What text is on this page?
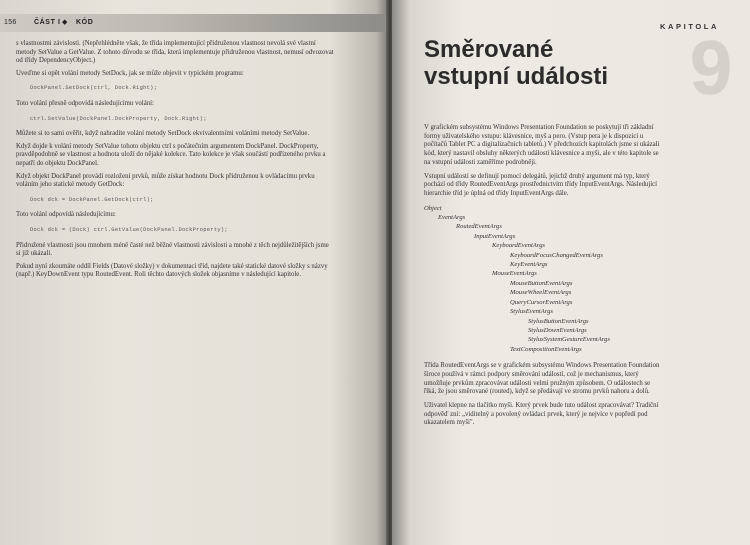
156 ČÁST I ◆ KÓD

s vlastnostmi závislosti. (Nepřehlédněte však, že třída implementující přidruženou vlastnost nevolá své vlastní metody SetValue a GetValue. Z tohoto důvodu se třída, která implementuje přidruženou vlastnost, nemusí odvozovat od třídy DependencyObject.)

Uveďme si opět volání metody SetDock, jak se může objevit v typickém programu:

DockPanel.SetDock(ctrl, Dock.Right);

Toto volání přesně odpovídá následujícímu volání:

ctrl.SetValue(DockPanel.DockProperty, Dock.Right);

Můžete si to sami ověřit, když nahradíte volání metody SetDock ekvivalentními voláními metody SetValue.

Když dojde k volání metody SetValue tohoto objektu ctrl s počátečním argumentem DockPanel. DockProperty, pravděpodobně se vlastnost a hodnota uloží do nějaké kolekce. Tato kolekce je však součástí podřízeného prvku a nepatří do objektu DockPanel.

Když objekt DockPanel provádí rozložení prvků, může získat hodnotu Dock přidruženou k ovládacímu prvku voláním jeho statické metody GetDock:

Dock dck = DockPanel.GetDock(ctrl);

Toto volání odpovídá následujícímu:

Dock dck = (Dock) ctrl.GetValue(DockPanel.DockProperty);

Přidružené vlastnosti jsou mnohem méně časté než běžné vlastnosti závislosti a mnohé z těch nejdůležitějších jsme si již ukázali.

Pokud nyní zkoumáte oddíl Fields (Datové složky) v dokumentaci tříd, najdete také statické datové složky s názvy (např.) KeyDownEvent typu RoutedEvent. Roli těchto datových složek objasníme v následující kapitole.

KAPITOLA
9
Směrované
vstupní události

V grafickém subsystému Windows Presentation Foundation se poskytují tři základní formy uživatelského vstupu: klávesnice, myš a pero. (Vstup pera je k dispozici u počítačů Tablet PC a digitalizačních tabletů.) V předchozích kapitolách jsme si ukázali kód, který nastavil obsluhy některých událostí klávesnice a myši, ale v této kapitole se na vstupní události zaměříme podrobněji.

Vstupní události se definují pomocí delegátů, jejichž druhý argument má typ, který pochází od třídy RoutedEventArgs prostřednictvím třídy InputEventArgs. Následující hierarchie tříd je úplná od třídy InputEventArgs dále.

Object
EventArgs
RoutedEventArgs
InputEventArgs
KeyboardEventArgs
KeyboardFocusChangedEventArgs
KeyEventArgs
MouseEventArgs
MouseButtonEventArgs
MouseWheelEventArgs
QueryCursorEventArgs
StylusEventArgs
StylusButtonEventArgs
StylusDownEventArgs
StylusSystemGestureEventArgs
TextCompositionEventArgs

Třída RoutedEventArgs se v grafickém subsystému Windows Presentation Foundation široce používá v rámci podpory směrování událostí, což je mechanismus, který umožňuje prvkům zpracovávat události velmi pružným způsobem. O událostech se říká, že jsou směrované (routed), když se předávají ve stromu prvků nahoru a dolů.

Uživatel klepne na tlačítko myši. Který prvek bude tuto událost zpracovávat? Tradiční odpověď zní: „viditelný a povolený ovládací prvek, který je nejvíce v popředí pod ukazatelem myši".
